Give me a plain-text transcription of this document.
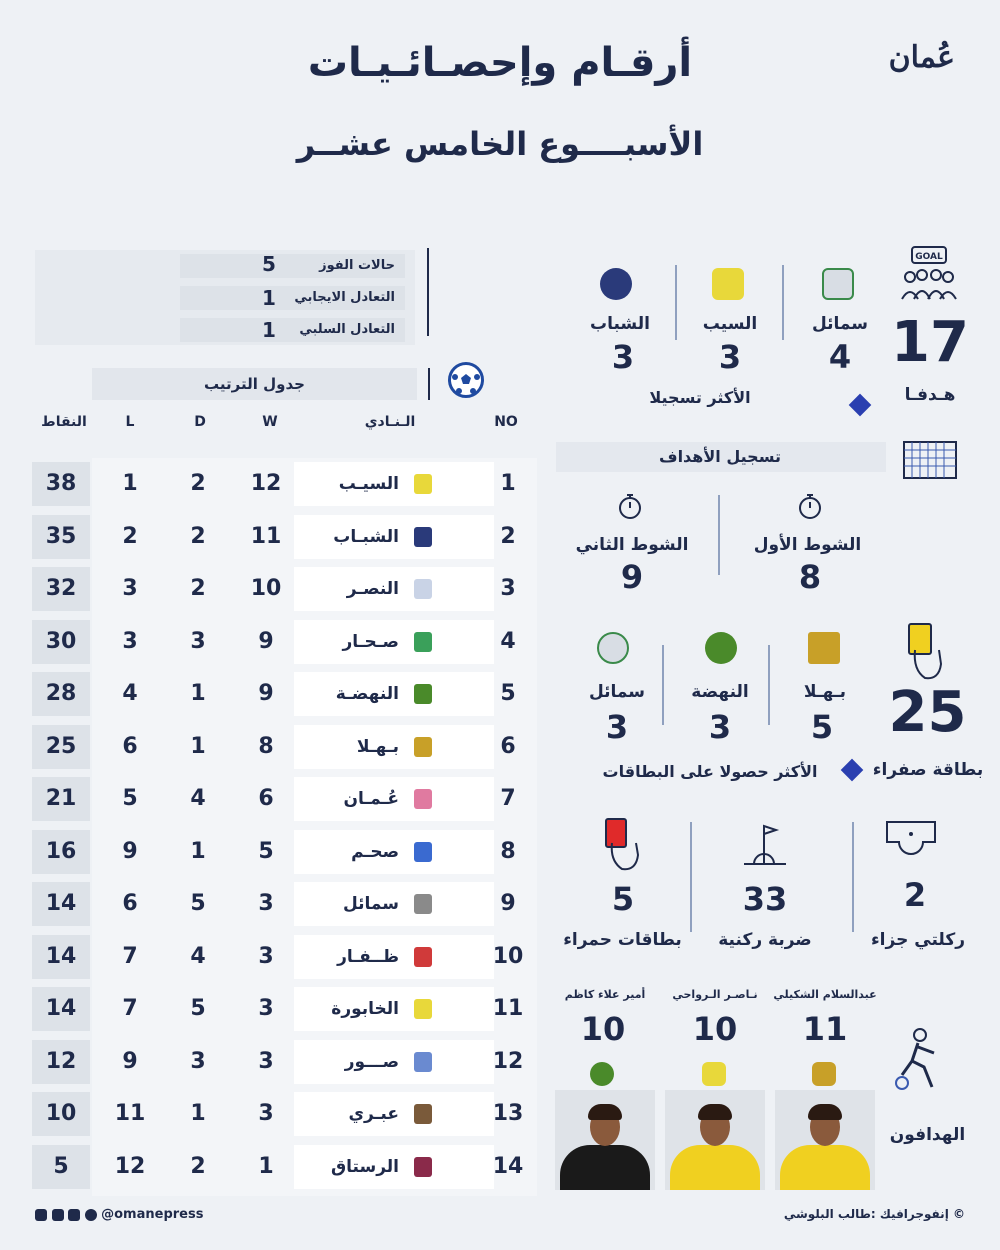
أرقـام وإحصـائـيـات
الأسبــــوع الخامس عشــر
عُمان
حالات الفوز
5
التعادل الايجابي
1
التعادل السلبي
1
جدول الترتيب
النقاط	L	D	W	الـنـادي	NO
38	1	2	12	السيـب	1
35	2	2	11	الشبـاب	2
32	3	2	10	النصـر	3
30	3	3	9	صـحـار	4
28	4	1	9	النهضـة	5
25	6	1	8	بـهـلا	6
21	5	4	6	عُـمـان	7
16	9	1	5	صحـم	8
14	6	5	3	سمائل	9
14	7	4	3	ظــفـار	10
14	7	5	3	الخابورة	11
12	9	3	3	صـــور	12
10	11	1	3	عبـري	13
5	12	2	1	الرستاق	14
GOAL
17
هـدفـا
الأكثر تسجيلا
سمائل
4
السيب
3
الشباب
3
تسجيل الأهداف
الشوط الأول
8
الشوط الثاني
9
25
بطاقة صفراء
الأكثر حصولا على البطاقات
بـهـلا
5
النهضة
3
سمائل
3
2
ركلتي جزاء
33
ضربة ركنية
5
بطاقات حمراء
الهدافون
عبدالسلام الشكيلي
11
نـاصـر الـرواحي
10
أمير علاء كاظم
10
@omanepress	© إنفوجرافيك :طالب البلوشي
